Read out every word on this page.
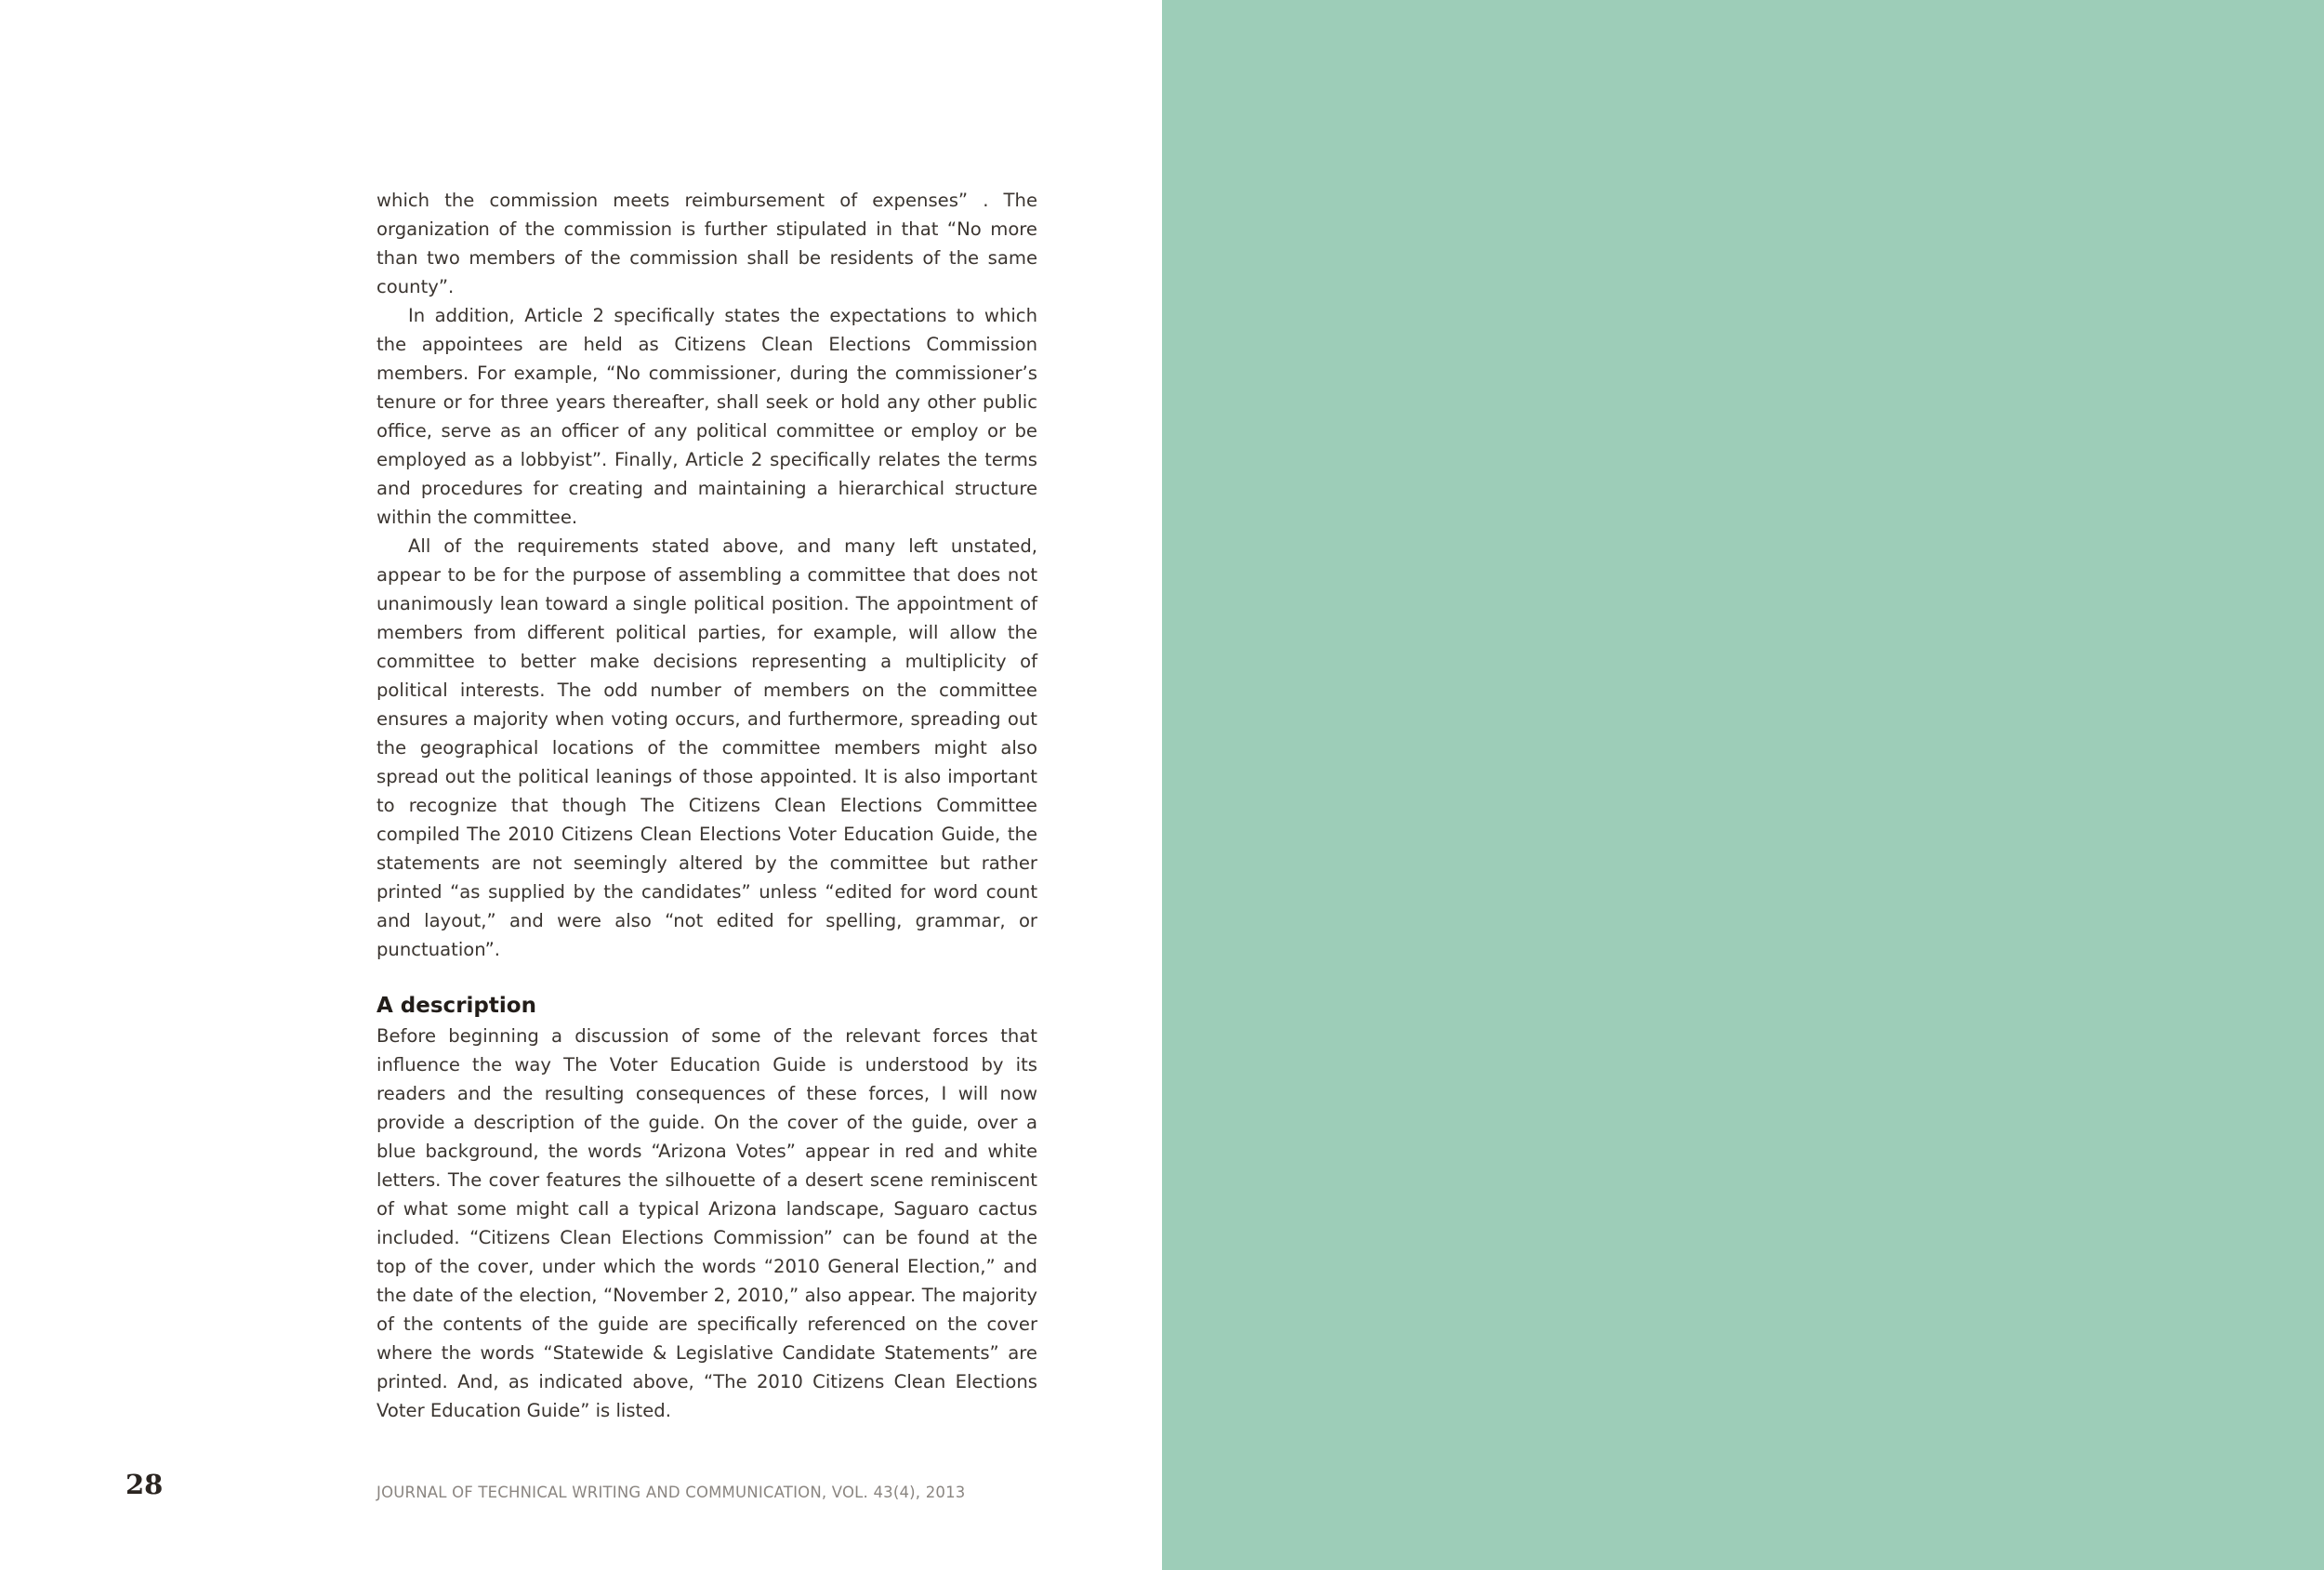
which the commission meets reimbursement of expenses” . The organization of the commission is further stipulated in that “No more than two members of the commission shall be residents of the same county”.

In addition, Article 2 specifically states the expectations to which the appointees are held as Citizens Clean Elections Commission members. For example, “No commissioner, during the commissioner’s tenure or for three years thereafter, shall seek or hold any other public office, serve as an officer of any political committee or employ or be employed as a lobbyist”. Finally, Article 2 specifically relates the terms and procedures for creating and maintaining a hierarchical structure within the committee.

All of the requirements stated above, and many left unstated, appear to be for the purpose of assembling a committee that does not unanimously lean toward a single political position. The appointment of members from different political parties, for example, will allow the committee to better make decisions representing a multiplicity of political interests. The odd number of members on the committee ensures a majority when voting occurs, and furthermore, spreading out the geographical locations of the committee members might also spread out the political leanings of those appointed. It is also important to recognize that though The Citizens Clean Elections Committee compiled The 2010 Citizens Clean Elections Voter Education Guide, the statements are not seemingly altered by the committee but rather printed “as supplied by the candidates” unless “edited for word count and layout,” and were also “not edited for spelling, grammar, or punctuation”.

A description

Before beginning a discussion of some of the relevant forces that influence the way The Voter Education Guide is understood by its readers and the resulting consequences of these forces, I will now provide a description of the guide. On the cover of the guide, over a blue background, the words “Arizona Votes” appear in red and white letters. The cover features the silhouette of a desert scene reminiscent of what some might call a typical Arizona landscape, Saguaro cactus included. “Citizens Clean Elections Commission” can be found at the top of the cover, under which the words “2010 General Election,” and the date of the election, “November 2, 2010,” also appear. The majority of the contents of the guide are specifically referenced on the cover where the words “Statewide & Legislative Candidate Statements” are printed. And, as indicated above, “The 2010 Citizens Clean Elections Voter Education Guide” is listed.

28	JOURNAL OF TECHNICAL WRITING AND COMMUNICATION, VOL. 43(4), 2013
